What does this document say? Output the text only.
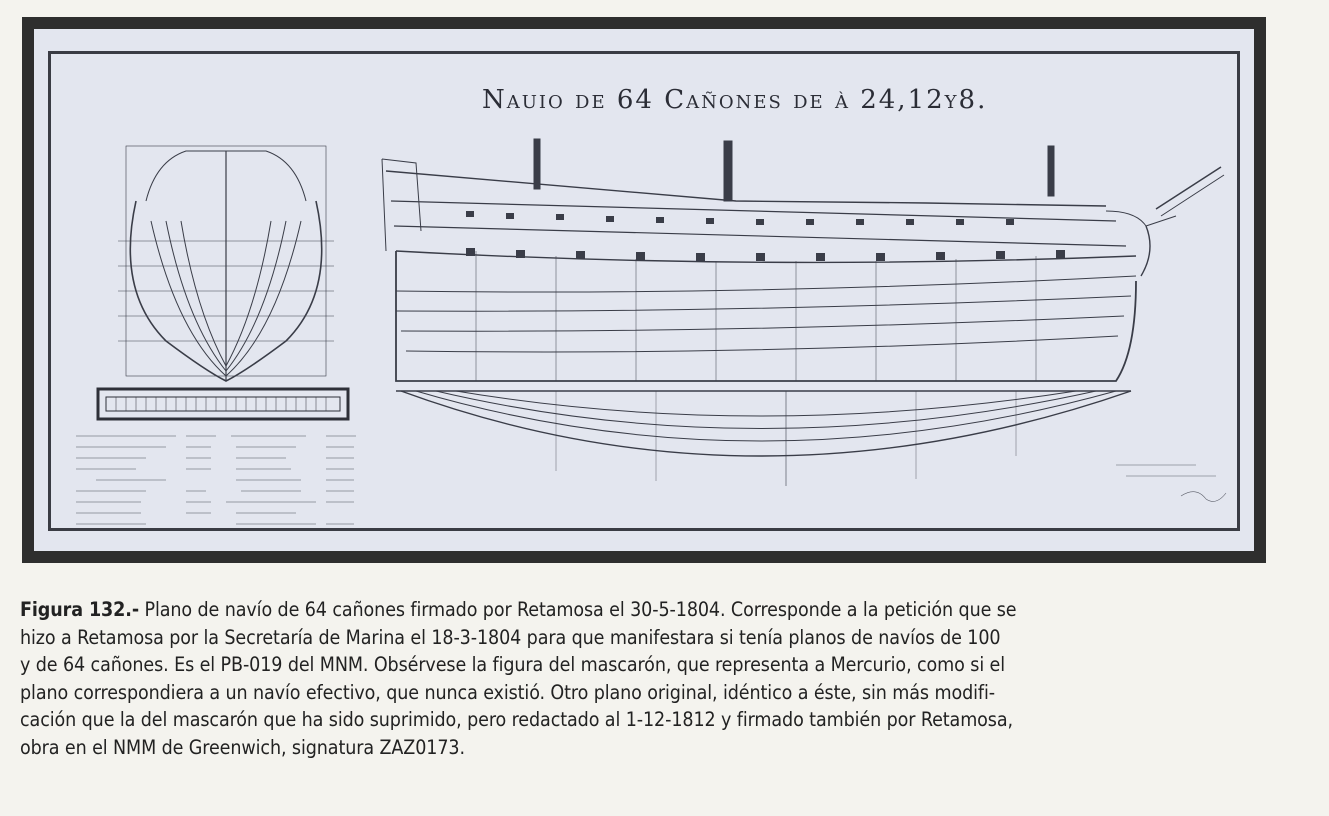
Nauio de 64 Cañones de à 24,12y8.
Figura 132.- Plano de navío de 64 cañones firmado por Retamosa el 30-5-1804. Corresponde a la petición que se
hizo a Retamosa por la Secretaría de Marina el 18-3-1804 para que manifestara si tenía planos de navíos de 100
y de 64 cañones. Es el PB-019 del MNM. Obsérvese la figura del mascarón, que representa a Mercurio, como si el
plano correspondiera a un navío efectivo, que nunca existió. Otro plano original, idéntico a éste, sin más modifi-
cación que la del mascarón que ha sido suprimido, pero redactado al 1-12-1812 y firmado también por Retamosa,
obra en el NMM de Greenwich, signatura ZAZ0173.
